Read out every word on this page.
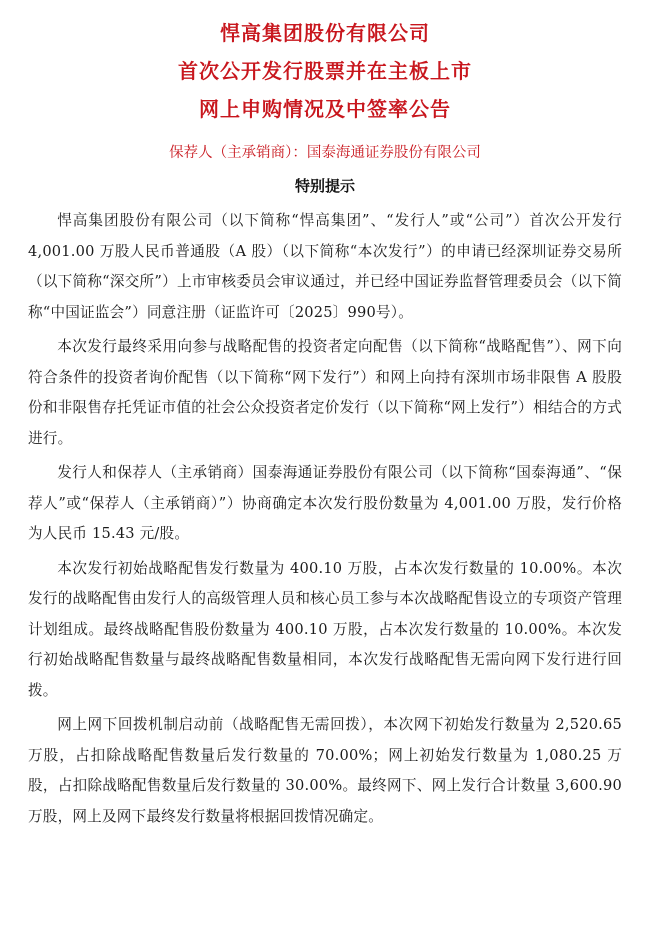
悍高集团股份有限公司

首次公开发行股票并在主板上市

网上申购情况及中签率公告

保荐人（主承销商）：国泰海通证券股份有限公司
特别提示

悍高集团股份有限公司（以下简称“悍高集团”、“发行人”或“公司”）首次公开发行 4,001.00 万股人民币普通股（A 股）（以下简称“本次发行”）的申请已经深圳证券交易所（以下简称“深交所”）上市审核委员会审议通过，并已经中国证券监督管理委员会（以下简称“中国证监会”）同意注册（证监许可〔2025〕990号）。

本次发行最终采用向参与战略配售的投资者定向配售（以下简称“战略配售”）、网下向符合条件的投资者询价配售（以下简称“网下发行”）和网上向持有深圳市场非限售 A 股股份和非限售存托凭证市值的社会公众投资者定价发行（以下简称“网上发行”）相结合的方式进行。

发行人和保荐人（主承销商）国泰海通证券股份有限公司（以下简称“国泰海通”、“保荐人”或“保荐人（主承销商）”）协商确定本次发行股份数量为 4,001.00 万股，发行价格为人民币 15.43 元/股。

本次发行初始战略配售发行数量为 400.10 万股，占本次发行数量的 10.00%。本次发行的战略配售由发行人的高级管理人员和核心员工参与本次战略配售设立的专项资产管理计划组成。最终战略配售股份数量为 400.10 万股，占本次发行数量的 10.00%。本次发行初始战略配售数量与最终战略配售数量相同，本次发行战略配售无需向网下发行进行回拨。

网上网下回拨机制启动前（战略配售无需回拨），本次网下初始发行数量为 2,520.65 万股，占扣除战略配售数量后发行数量的 70.00%；网上初始发行数量为 1,080.25 万股，占扣除战略配售数量后发行数量的 30.00%。最终网下、网上发行合计数量 3,600.90 万股，网上及网下最终发行数量将根据回拨情况确定。
